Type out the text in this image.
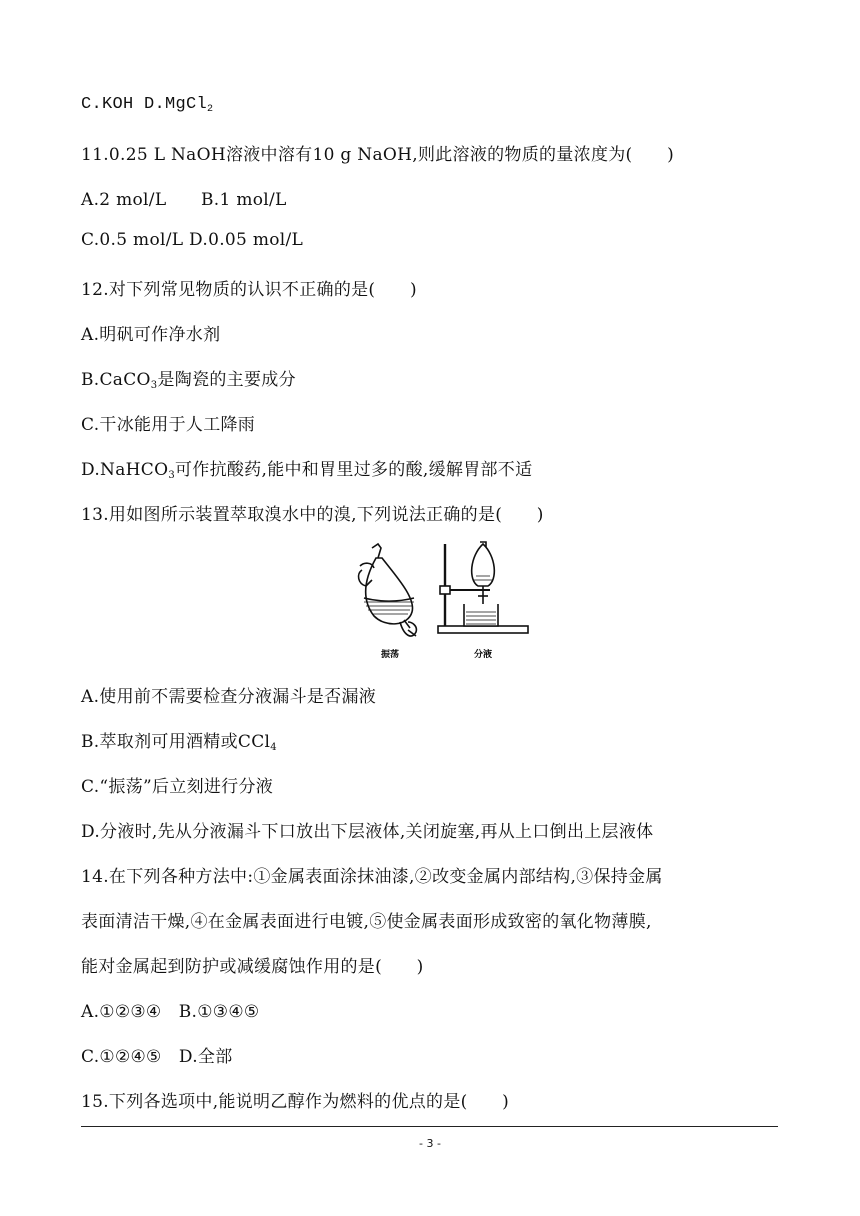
C.KOH D.MgCl$_2$
11.0.25 L NaOH溶液中溶有10 g NaOH,则此溶液的物质的量浓度为(　　)
A.2 mol/L　　B.1 mol/L
C.0.5 mol/L D.0.05 mol/L
12.对下列常见物质的认识不正确的是(　　)
A.明矾可作净水剂
B.CaCO$_3$是陶瓷的主要成分
C.干冰能用于人工降雨
D.NaHCO$_3$可作抗酸药,能中和胃里过多的酸,缓解胃部不适
13.用如图所示装置萃取溴水中的溴,下列说法正确的是(　　)
振荡	分液
A.使用前不需要检查分液漏斗是否漏液
B.萃取剂可用酒精或CCl$_4$
C.“振荡”后立刻进行分液
D.分液时,先从分液漏斗下口放出下层液体,关闭旋塞,再从上口倒出上层液体
14.在下列各种方法中:①金属表面涂抹油漆,②改变金属内部结构,③保持金属
表面清洁干燥,④在金属表面进行电镀,⑤使金属表面形成致密的氧化物薄膜,
能对金属起到防护或减缓腐蚀作用的是(　　)
A.①②③④　B.①③④⑤
C.①②④⑤　D.全部
15.下列各选项中,能说明乙醇作为燃料的优点的是(　　)
- 3 -
